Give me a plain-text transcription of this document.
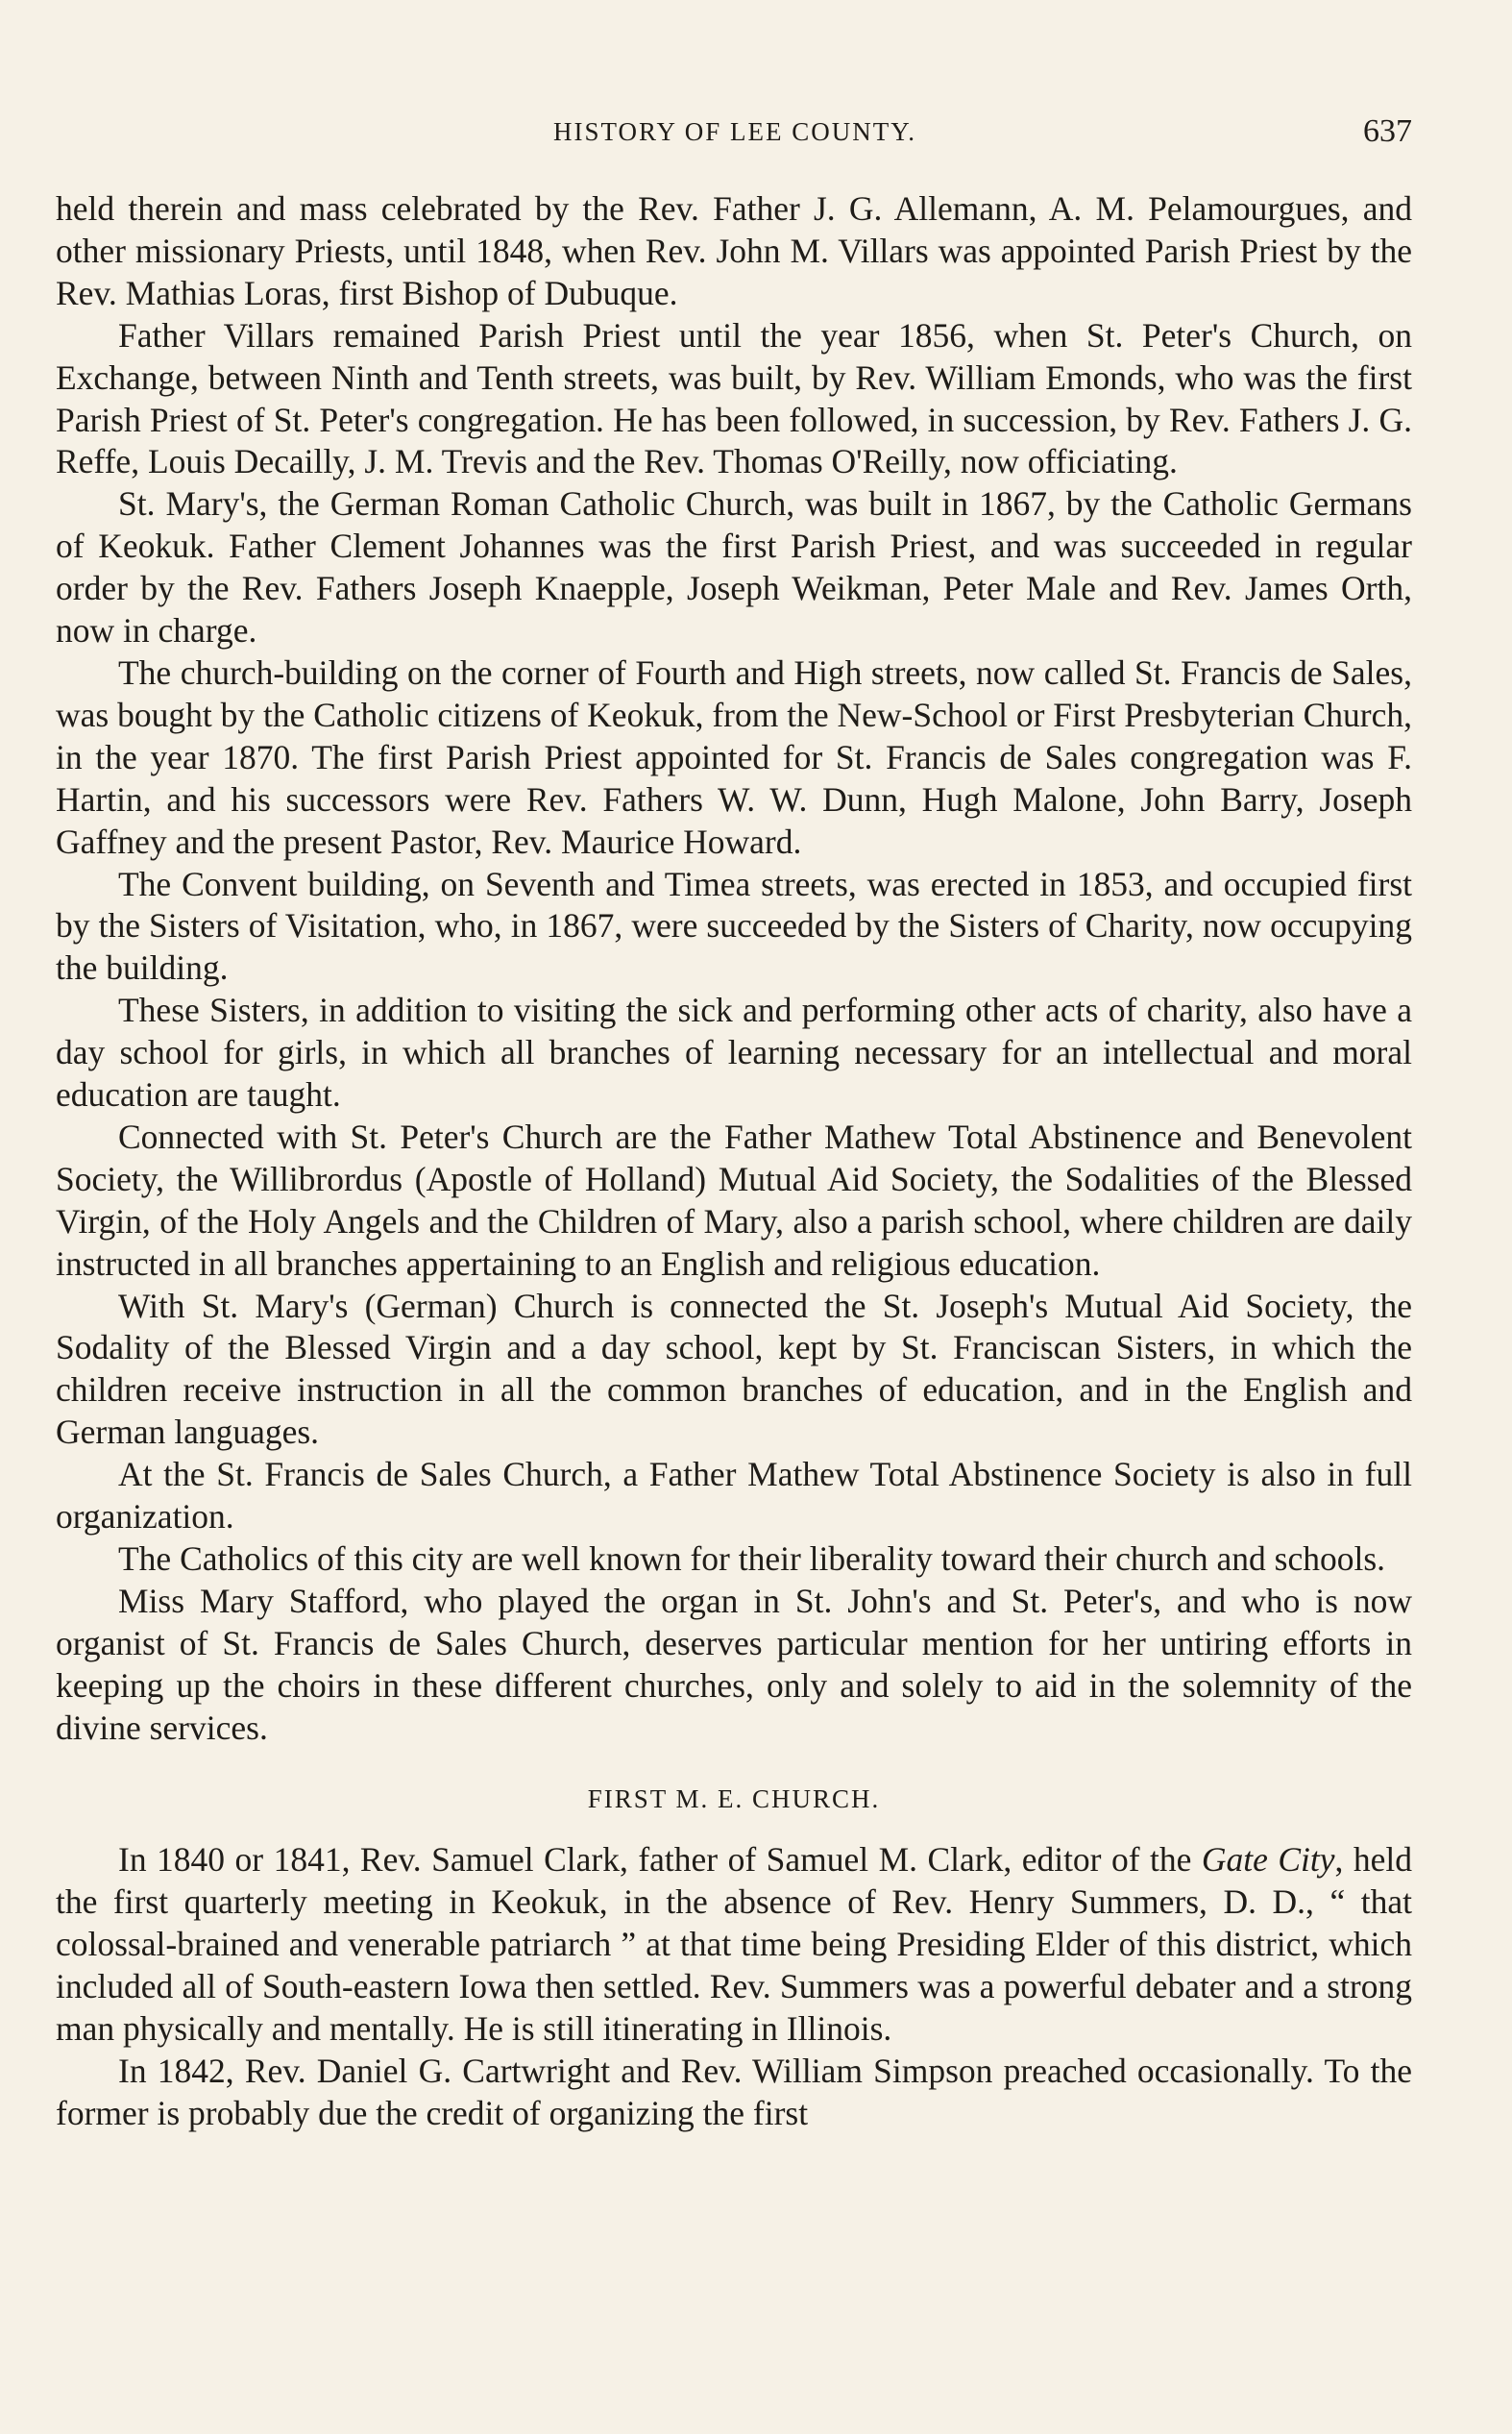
HISTORY OF LEE COUNTY.	637

held therein and mass celebrated by the Rev. Father J. G. Allemann, A. M. Pelamourgues, and other missionary Priests, until 1848, when Rev. John M. Villars was appointed Parish Priest by the Rev. Mathias Loras, first Bishop of Dubuque.

Father Villars remained Parish Priest until the year 1856, when St. Peter's Church, on Exchange, between Ninth and Tenth streets, was built, by Rev. William Emonds, who was the first Parish Priest of St. Peter's congregation. He has been followed, in succession, by Rev. Fathers J. G. Reffe, Louis Decailly, J. M. Trevis and the Rev. Thomas O'Reilly, now officiating.

St. Mary's, the German Roman Catholic Church, was built in 1867, by the Catholic Germans of Keokuk. Father Clement Johannes was the first Parish Priest, and was succeeded in regular order by the Rev. Fathers Joseph Knaepple, Joseph Weikman, Peter Male and Rev. James Orth, now in charge.

The church-building on the corner of Fourth and High streets, now called St. Francis de Sales, was bought by the Catholic citizens of Keokuk, from the New-School or First Presbyterian Church, in the year 1870. The first Parish Priest appointed for St. Francis de Sales congregation was F. Hartin, and his successors were Rev. Fathers W. W. Dunn, Hugh Malone, John Barry, Joseph Gaffney and the present Pastor, Rev. Maurice Howard.

The Convent building, on Seventh and Timea streets, was erected in 1853, and occupied first by the Sisters of Visitation, who, in 1867, were succeeded by the Sisters of Charity, now occupying the building.

These Sisters, in addition to visiting the sick and performing other acts of charity, also have a day school for girls, in which all branches of learning necessary for an intellectual and moral education are taught.

Connected with St. Peter's Church are the Father Mathew Total Abstinence and Benevolent Society, the Willibrordus (Apostle of Holland) Mutual Aid Society, the Sodalities of the Blessed Virgin, of the Holy Angels and the Children of Mary, also a parish school, where children are daily instructed in all branches appertaining to an English and religious education.

With St. Mary's (German) Church is connected the St. Joseph's Mutual Aid Society, the Sodality of the Blessed Virgin and a day school, kept by St. Franciscan Sisters, in which the children receive instruction in all the common branches of education, and in the English and German languages.

At the St. Francis de Sales Church, a Father Mathew Total Abstinence Society is also in full organization.

The Catholics of this city are well known for their liberality toward their church and schools.

Miss Mary Stafford, who played the organ in St. John's and St. Peter's, and who is now organist of St. Francis de Sales Church, deserves particular mention for her untiring efforts in keeping up the choirs in these different churches, only and solely to aid in the solemnity of the divine services.

FIRST M. E. CHURCH.

In 1840 or 1841, Rev. Samuel Clark, father of Samuel M. Clark, editor of the Gate City, held the first quarterly meeting in Keokuk, in the absence of Rev. Henry Summers, D. D., “ that colossal-brained and venerable patriarch ” at that time being Presiding Elder of this district, which included all of South-eastern Iowa then settled. Rev. Summers was a powerful debater and a strong man physically and mentally. He is still itinerating in Illinois.

In 1842, Rev. Daniel G. Cartwright and Rev. William Simpson preached occasionally. To the former is probably due the credit of organizing the first
